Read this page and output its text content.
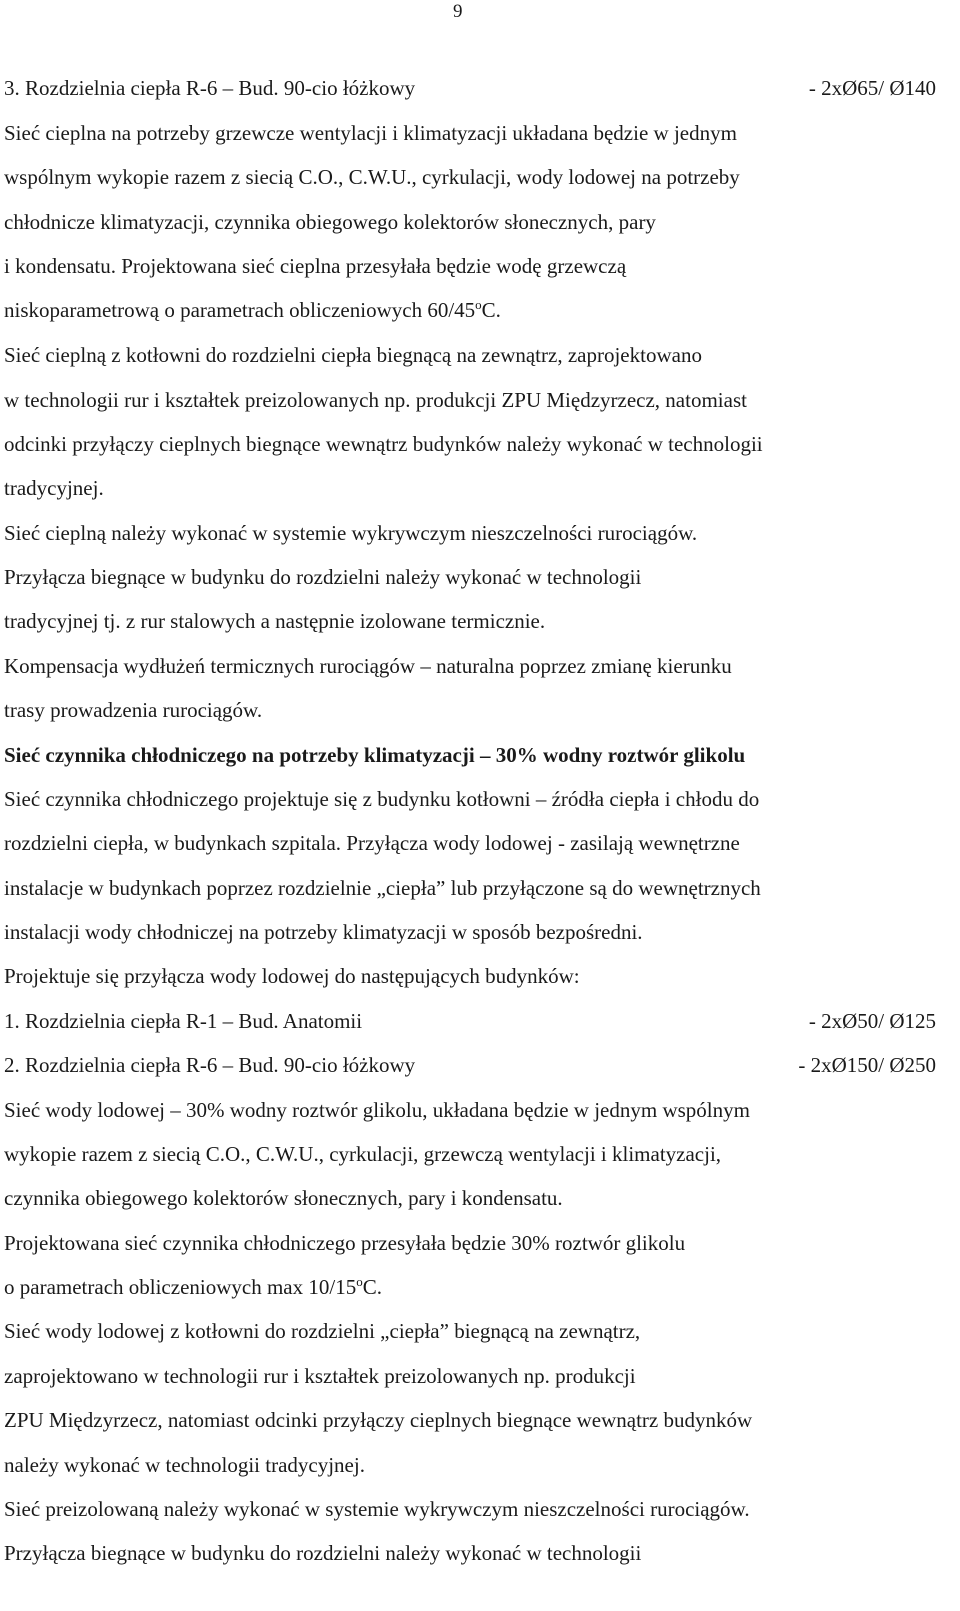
9
3. Rozdzielnia ciepła R-6 – Bud. 90-cio łóżkowy	- 2xØ65/ Ø140
Sieć cieplna na potrzeby grzewcze wentylacji i klimatyzacji układana będzie w jednym
wspólnym wykopie razem z siecią C.O., C.W.U., cyrkulacji, wody lodowej na potrzeby
chłodnicze klimatyzacji, czynnika obiegowego kolektorów słonecznych, pary
i kondensatu. Projektowana sieć cieplna przesyłała będzie wodę grzewczą
niskoparametrową o parametrach obliczeniowych 60/45$^o$C.
Sieć cieplną z kotłowni do rozdzielni ciepła biegnącą na zewnątrz, zaprojektowano
w technologii rur i kształtek preizolowanych np. produkcji ZPU Międzyrzecz, natomiast
odcinki przyłączy cieplnych biegnące wewnątrz budynków należy wykonać w technologii
tradycyjnej.
Sieć cieplną należy wykonać w systemie wykrywczym nieszczelności rurociągów.
Przyłącza biegnące w budynku do rozdzielni należy wykonać w technologii
tradycyjnej tj. z rur stalowych a następnie izolowane termicznie.
Kompensacja wydłużeń termicznych rurociągów – naturalna poprzez zmianę kierunku
trasy prowadzenia rurociągów.
Sieć czynnika chłodniczego na potrzeby klimatyzacji – 30% wodny roztwór glikolu
Sieć czynnika chłodniczego projektuje się z budynku kotłowni – źródła ciepła i chłodu do
rozdzielni ciepła, w budynkach szpitala. Przyłącza wody lodowej - zasilają wewnętrzne
instalacje w budynkach poprzez rozdzielnie „ciepła” lub przyłączone są do wewnętrznych
instalacji wody chłodniczej na potrzeby klimatyzacji w sposób bezpośredni.
Projektuje się przyłącza wody lodowej do następujących budynków:
1. Rozdzielnia ciepła R-1 – Bud. Anatomii	- 2xØ50/ Ø125
2. Rozdzielnia ciepła R-6 – Bud. 90-cio łóżkowy	- 2xØ150/ Ø250
Sieć wody lodowej – 30% wodny roztwór glikolu, układana będzie w jednym wspólnym
wykopie razem z siecią C.O., C.W.U., cyrkulacji, grzewczą wentylacji i klimatyzacji,
czynnika obiegowego kolektorów słonecznych, pary i kondensatu.
Projektowana sieć czynnika chłodniczego przesyłała będzie 30% roztwór glikolu
o parametrach obliczeniowych max 10/15$^o$C.
Sieć wody lodowej z kotłowni do rozdzielni „ciepła” biegnącą na zewnątrz,
zaprojektowano w technologii rur i kształtek preizolowanych np. produkcji
ZPU Międzyrzecz, natomiast odcinki przyłączy cieplnych biegnące wewnątrz budynków
należy wykonać w technologii tradycyjnej.
Sieć preizolowaną należy wykonać w systemie wykrywczym nieszczelności rurociągów.
Przyłącza biegnące w budynku do rozdzielni należy wykonać w technologii
